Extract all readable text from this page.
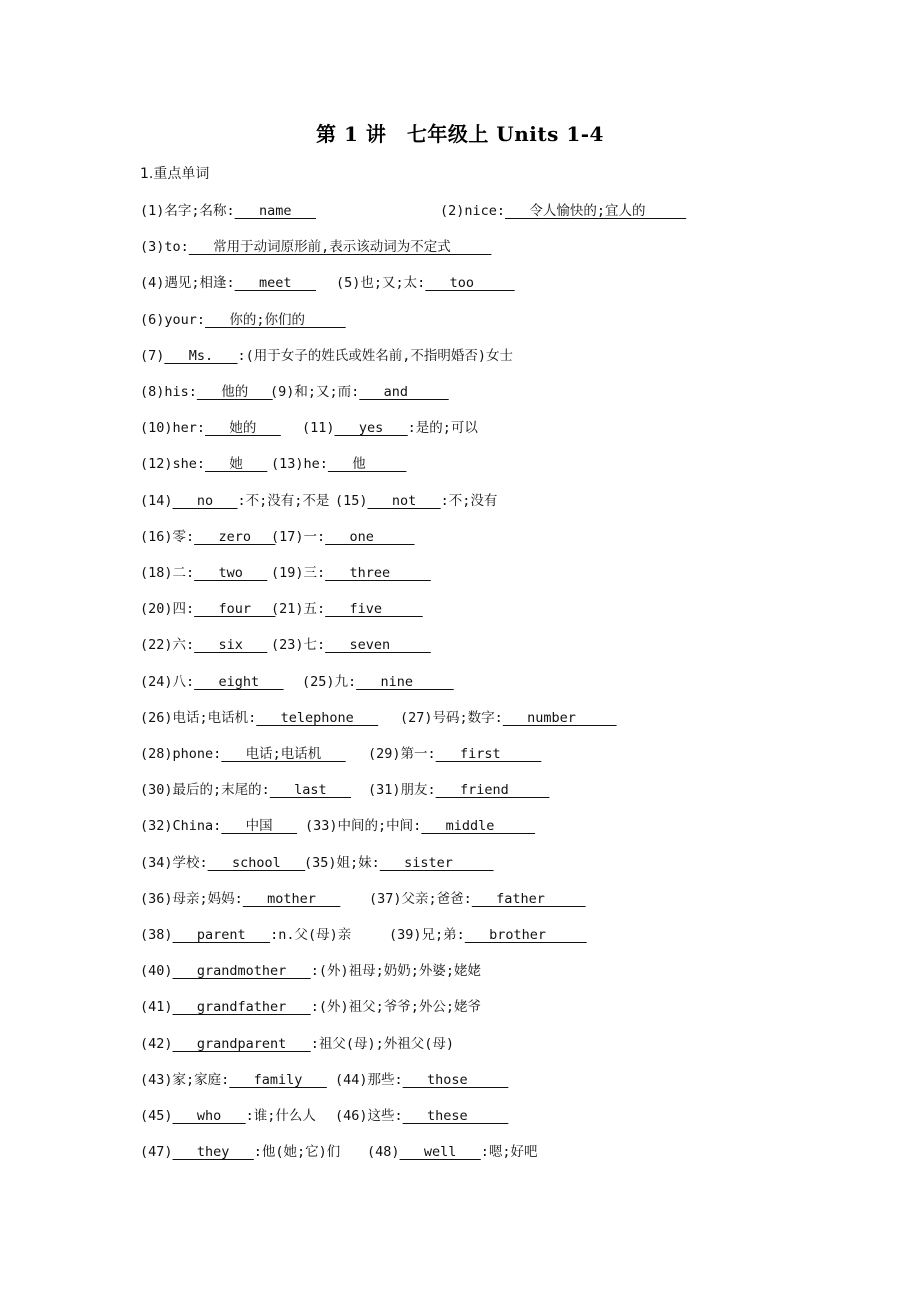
第 1 讲　七年级上 Units 1-4
1.重点单词
(1)名字;名称:   name	(2)nice:   令人愉快的;宜人的
(3)to:   常用于动词原形前,表示该动词为不定式
(4)遇见;相逢:   meet (5)也;又;太:   too
(6)your:   你的;你们的
(7)   Ms.   :(用于女子的姓氏或姓名前,不指明婚否)女士
(8)his:   他的
(9)和;又;而:   and
(10)her:   她的 (11)   yes   :是的;可以
(12)she:   她 (13)he:   他
(14)   no   :不;没有;不是 (15)   not   :不;没有
(16)零:   zero
(17)一:   one
(18)二:   two (19)三:   three
(20)四:   four
(21)五:   five
(22)六:   six (23)七:   seven
(24)八:   eight (25)九:   nine
(26)电话;电话机:   telephone (27)号码;数字:   number
(28)phone:   电话;电话机 (29)第一:   first
(30)最后的;末尾的:   last (31)朋友:   friend
(32)China:   中国 (33)中间的;中间:   middle
(34)学校:   school
(35)姐;妹:   sister
(36)母亲;妈妈:   mother (37)父亲;爸爸:   father
(38)   parent   :n.父(母)亲	(39)兄;弟:   brother
(40)   grandmother   :(外)祖母;奶奶;外婆;姥姥
(41)   grandfather   :(外)祖父;爷爷;外公;姥爷
(42)   grandparent   :祖父(母);外祖父(母)
(43)家;家庭:   family (44)那些:   those
(45)   who   :谁;什么人 (46)这些:   these
(47)   they   :他(她;它)们 (48)   well   :嗯;好吧
